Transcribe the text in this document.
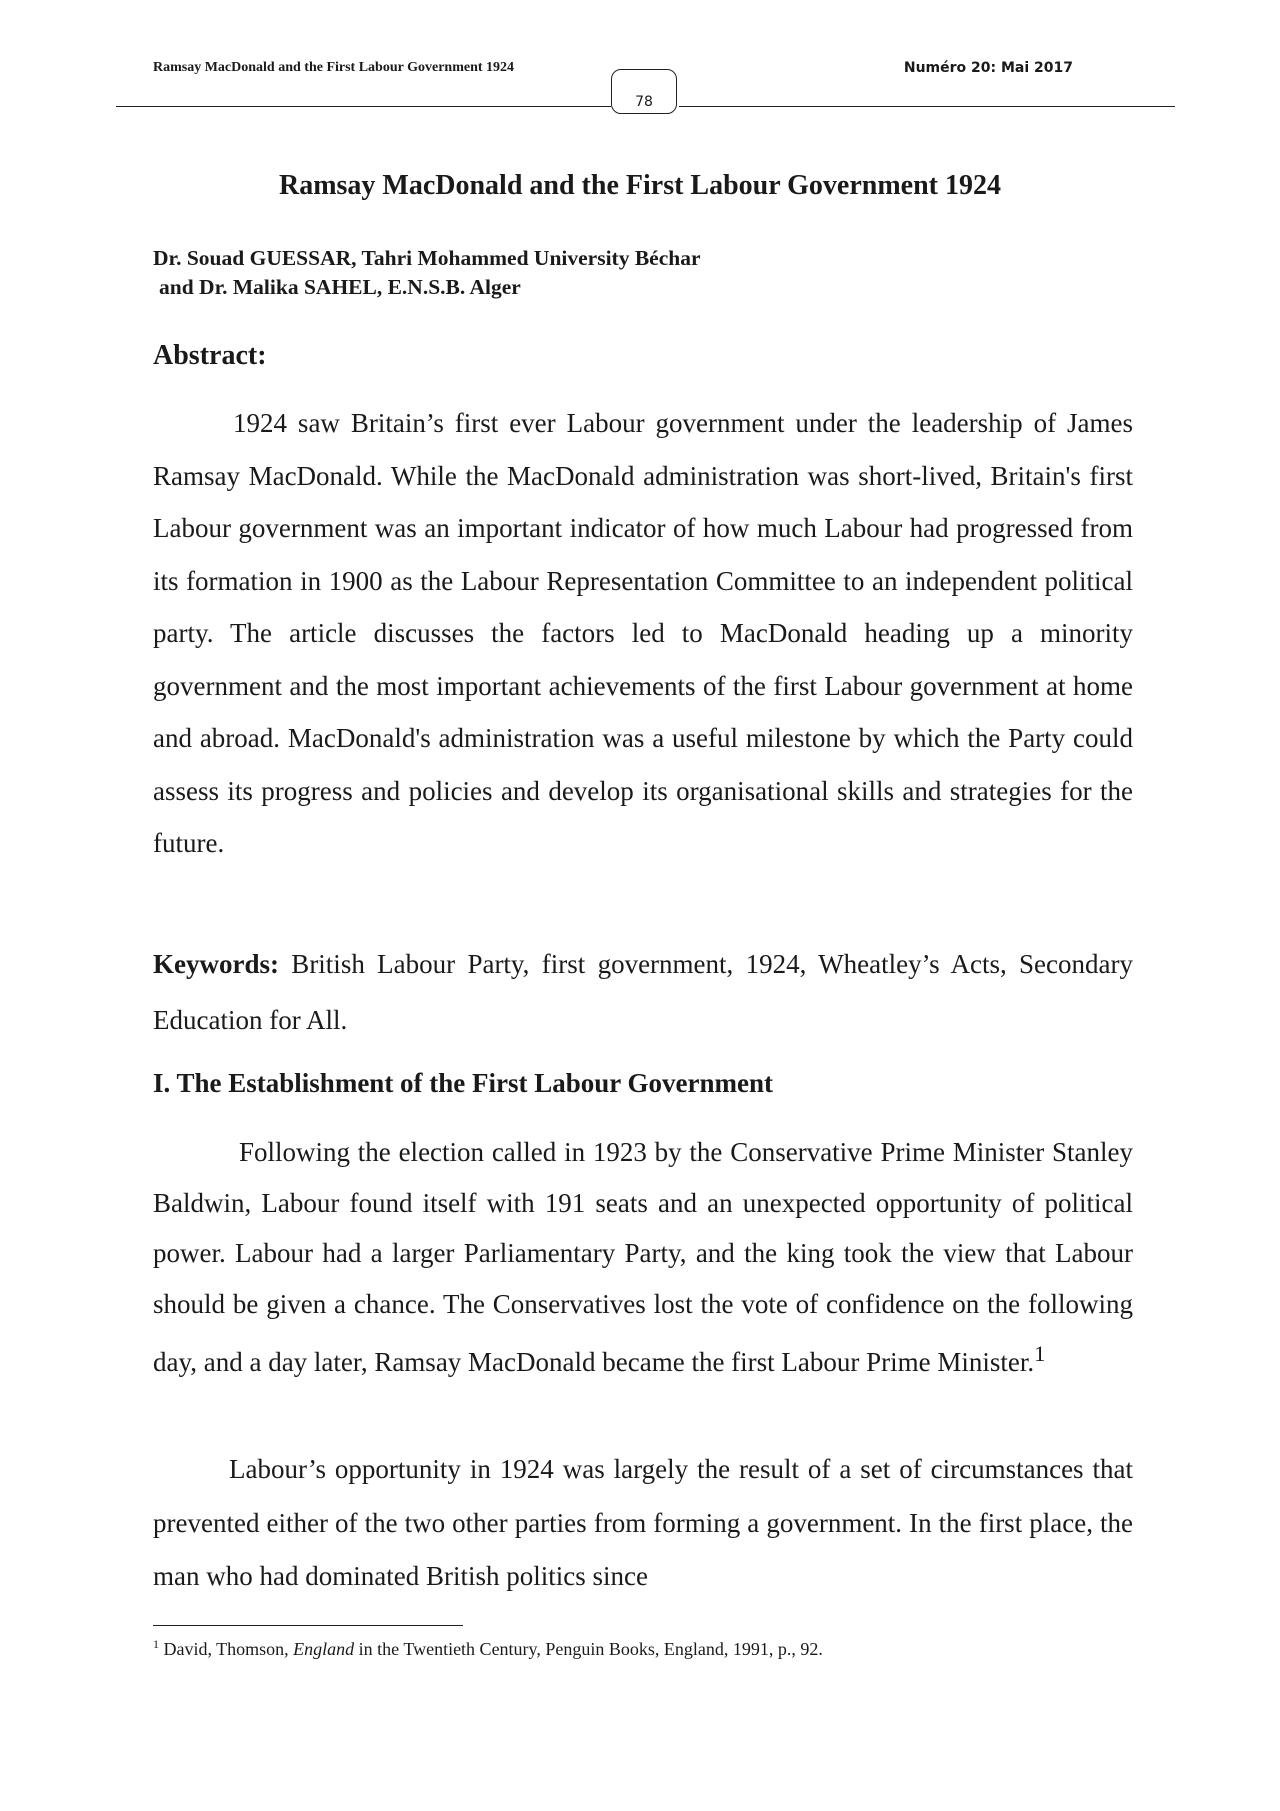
Ramsay MacDonald and the First Labour Government 1924	Numéro 20: Mai 2017
78
Ramsay MacDonald and the First Labour Government 1924
Dr. Souad GUESSAR, Tahri Mohammed University Béchar
and Dr. Malika SAHEL, E.N.S.B. Alger
Abstract:

1924 saw Britain’s first ever Labour government under the leadership of James Ramsay MacDonald. While the MacDonald administration was short-lived, Britain's first Labour government was an important indicator of how much Labour had progressed from its formation in 1900 as the Labour Representation Committee to an independent political party. The article discusses the factors led to MacDonald heading up a minority government and the most important achievements of the first Labour government at home and abroad. MacDonald's administration was a useful milestone by which the Party could assess its progress and policies and develop its organisational skills and strategies for the future.

Keywords: British Labour Party, first government, 1924, Wheatley’s Acts, Secondary Education for All.

I. The Establishment of the First Labour Government

Following the election called in 1923 by the Conservative Prime Minister Stanley Baldwin, Labour found itself with 191 seats and an unexpected opportunity of political power. Labour had a larger Parliamentary Party, and the king took the view that Labour should be given a chance. The Conservatives lost the vote of confidence on the following day, and a day later, Ramsay MacDonald became the first Labour Prime Minister.$^1$

Labour’s opportunity in 1924 was largely the result of a set of circumstances that prevented either of the two other parties from forming a government. In the first place, the man who had dominated British politics since

$^1$ David, Thomson, England in the Twentieth Century, Penguin Books, England, 1991, p., 92.
